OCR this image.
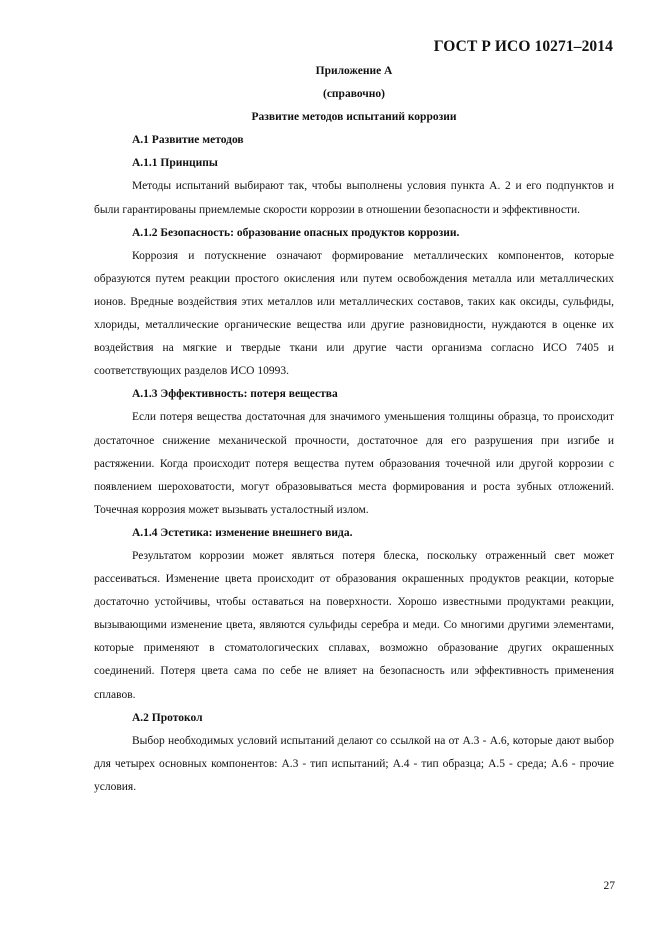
ГОСТ Р ИСО 10271–2014
Приложение А
(справочно)
Развитие методов испытаний коррозии
А.1 Развитие методов
А.1.1 Принципы

Методы испытаний выбирают так, чтобы выполнены условия пункта А. 2 и его подпунктов и были гарантированы приемлемые скорости коррозии в отношении безопасности и эффективности.

А.1.2 Безопасность: образование опасных продуктов коррозии.

Коррозия и потускнение означают формирование металлических компонентов, которые образуются путем реакции простого окисления или путем освобождения металла или металлических ионов. Вредные воздействия этих металлов или металлических составов, таких как оксиды, сульфиды, хлориды, металлические органические вещества или другие разновидности, нуждаются в оценке их воздействия на мягкие и твердые ткани или другие части организма согласно ИСО 7405 и соответствующих разделов ИСО 10993.

А.1.3 Эффективность: потеря вещества

Если потеря вещества достаточная для значимого уменьшения толщины образца, то происходит достаточное снижение механической прочности, достаточное для его разрушения при изгибе и растяжении. Когда происходит потеря вещества путем образования точечной или другой коррозии с появлением шероховатости, могут образовываться места формирования и роста зубных отложений. Точечная коррозия может вызывать усталостный излом.

А.1.4 Эстетика: изменение внешнего вида.

Результатом коррозии может являться потеря блеска, поскольку отраженный свет может рассеиваться. Изменение цвета происходит от образования окрашенных продуктов реакции, которые достаточно устойчивы, чтобы оставаться на поверхности. Хорошо известными продуктами реакции, вызывающими изменение цвета, являются сульфиды серебра и меди. Со многими другими элементами, которые применяют в стоматологических сплавах, возможно образование других окрашенных соединений. Потеря цвета сама по себе не влияет на безопасность или эффективность применения сплавов.

А.2 Протокол

Выбор необходимых условий испытаний делают со ссылкой на от А.3 - А.6, которые дают выбор для четырех основных компонентов: А.3 - тип испытаний; А.4 - тип образца; А.5 - среда; А.6 - прочие условия.

27
